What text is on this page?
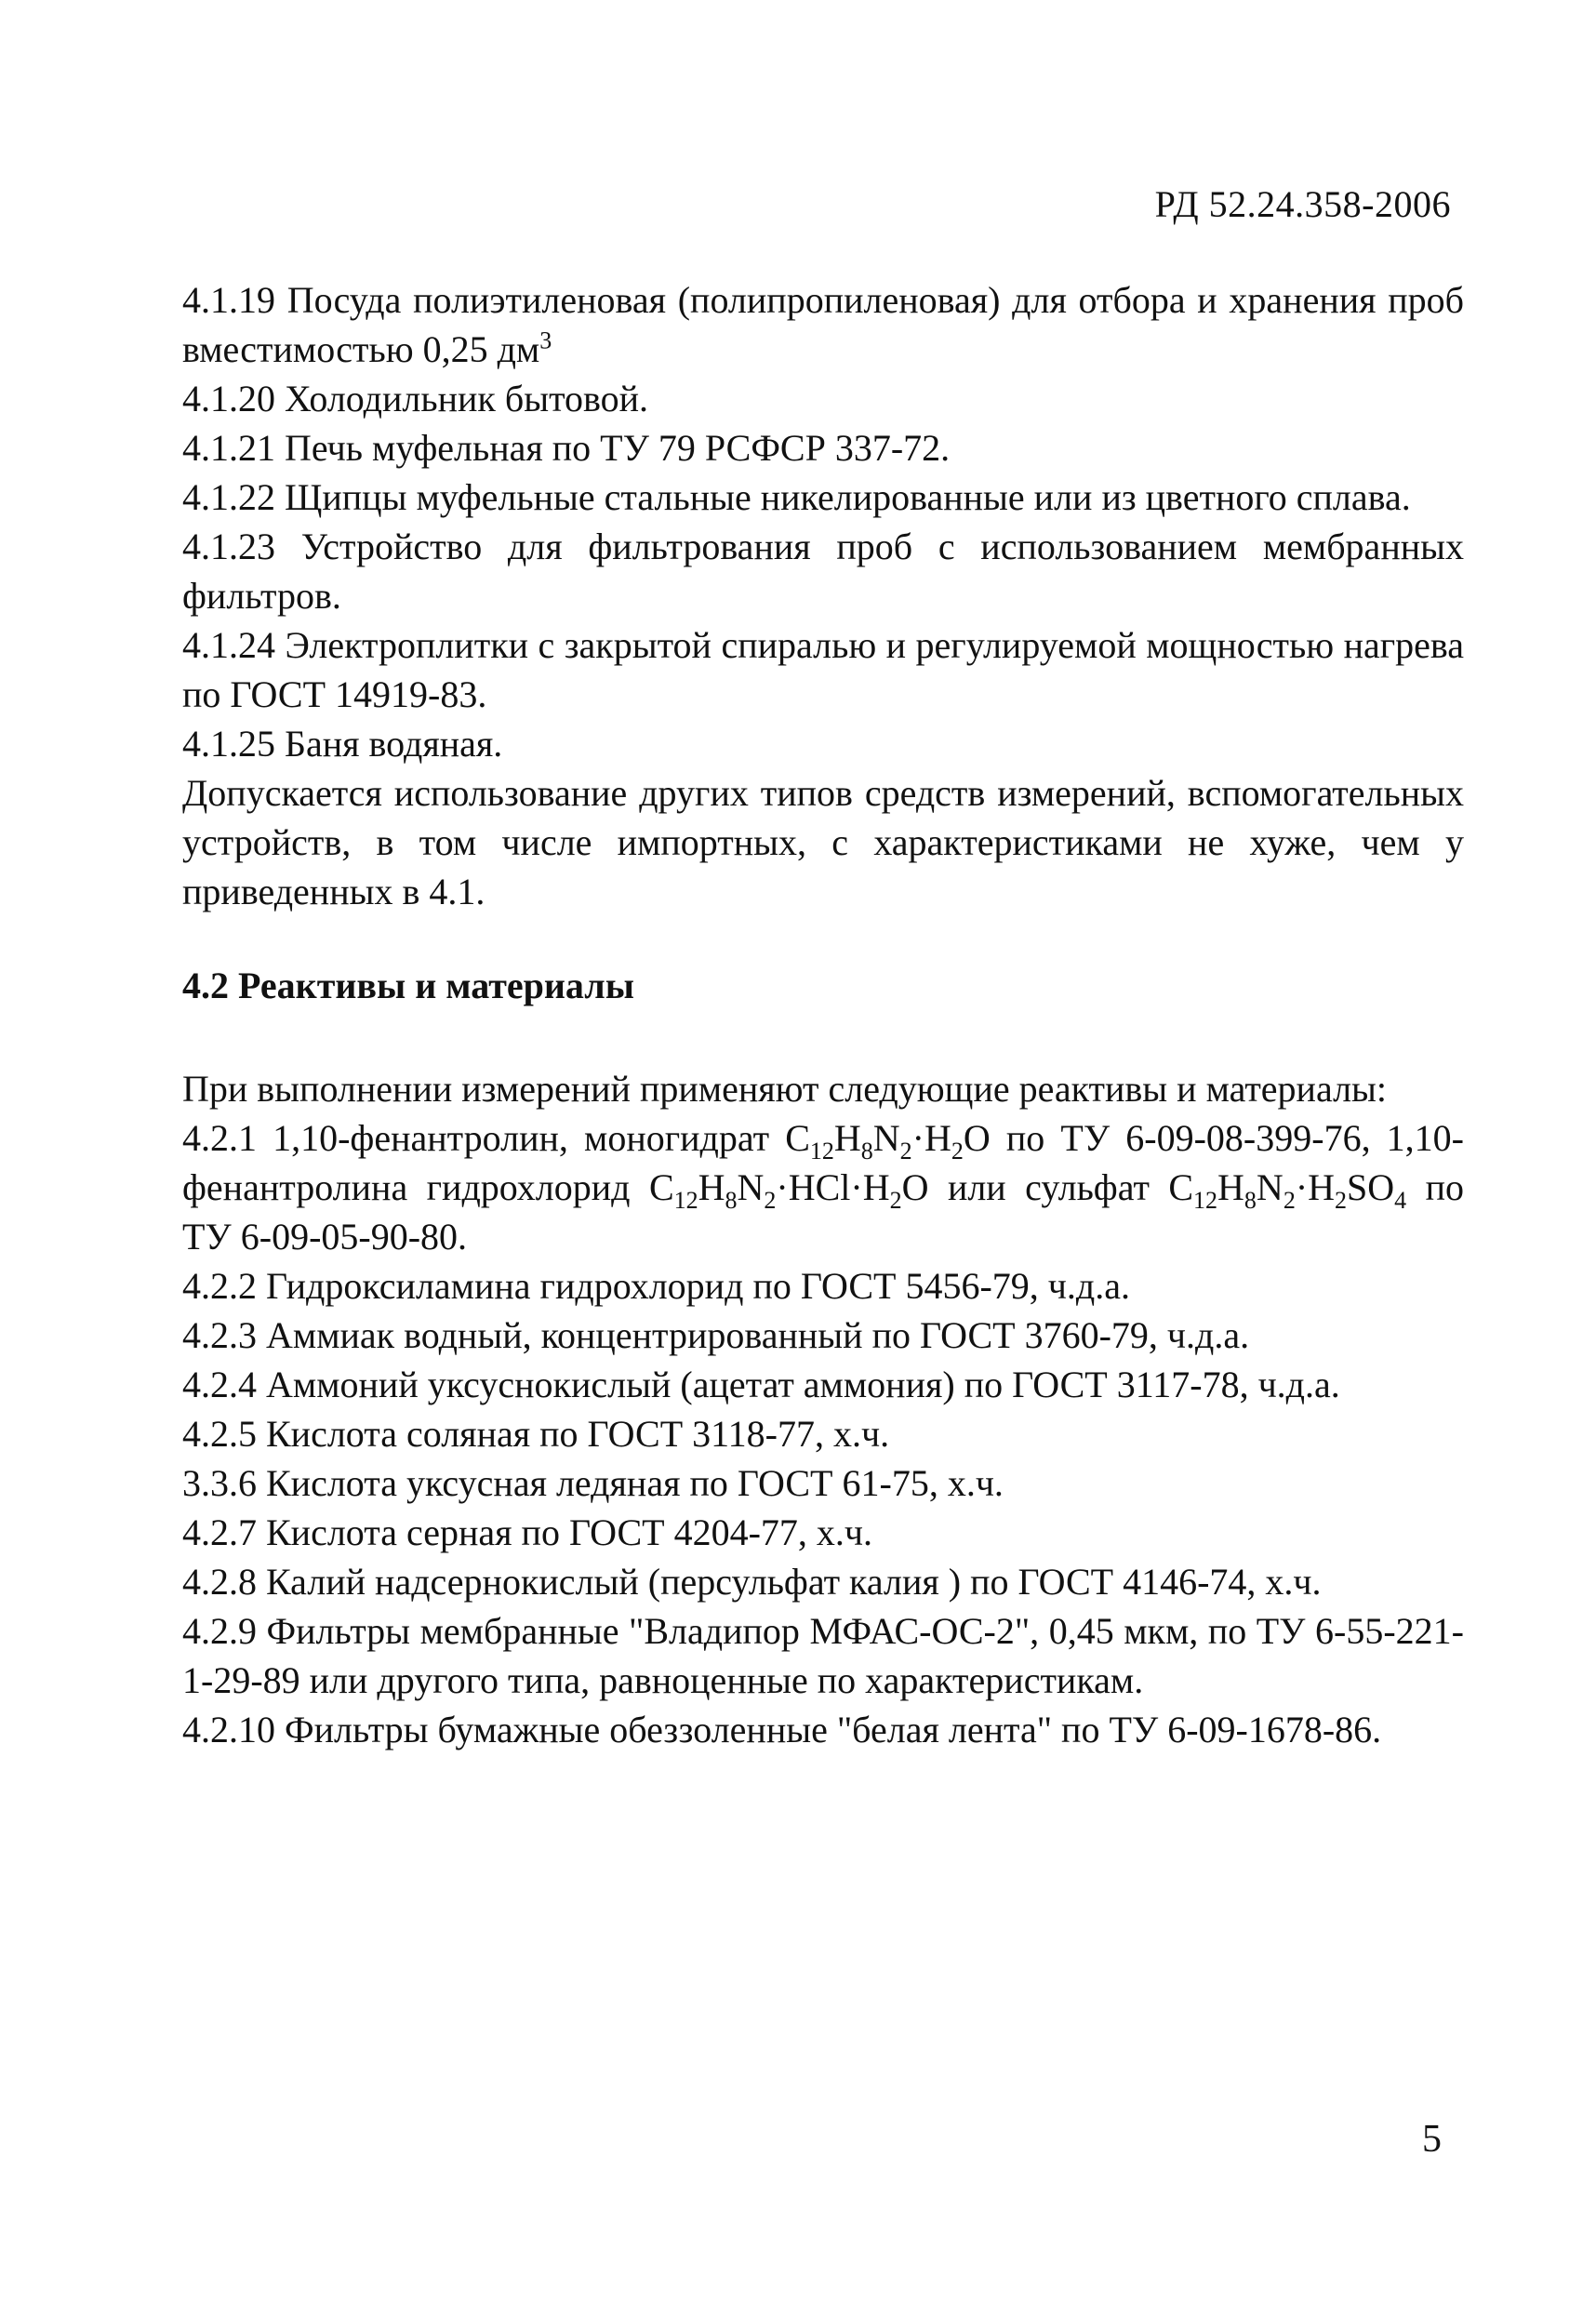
РД 52.24.358-2006

4.1.19 Посуда полиэтиленовая (полипропиленовая) для отбора и хранения проб вместимостью 0,25 $дм^3$

4.1.20 Холодильник бытовой.

4.1.21 Печь муфельная по ТУ 79 РСФСР 337-72.

4.1.22 Щипцы муфельные стальные никелированные или из цветного сплава.

4.1.23 Устройство для фильтрования проб с использованием мембранных фильтров.

4.1.24 Электроплитки с закрытой спиралью и регулируемой мощностью нагрева по ГОСТ 14919-83.

4.1.25 Баня водяная.

Допускается использование других типов средств измерений, вспомогательных устройств, в том числе импортных, с характеристиками не хуже, чем у приведенных в 4.1.

4.2 Реактивы и материалы

При выполнении измерений применяют следующие реактивы и материалы:

4.2.1 1,10-фенантролин, моногидрат $C_{12}H_8N_2\cdot H_2O$ по ТУ 6-09-08-399-76, 1,10-фенантролина гидрохлорид $C_{12}H_8N_2\cdot HCl\cdot H_2O$ или сульфат $C_{12}H_8N_2\cdot H_2SO_4$ по ТУ 6-09-05-90-80.

4.2.2 Гидроксиламина гидрохлорид по ГОСТ 5456-79, ч.д.а.

4.2.3 Аммиак водный, концентрированный по ГОСТ 3760-79, ч.д.а.

4.2.4 Аммоний уксуснокислый (ацетат аммония) по ГОСТ 3117-78, ч.д.а.

4.2.5 Кислота соляная по ГОСТ 3118-77, х.ч.

3.3.6 Кислота уксусная ледяная по ГОСТ 61-75, х.ч.

4.2.7 Кислота серная по ГОСТ 4204-77, х.ч.

4.2.8 Калий надсернокислый (персульфат калия ) по ГОСТ 4146-74, х.ч.

4.2.9 Фильтры мембранные "Владипор МФАС-ОС-2", 0,45 мкм, по ТУ 6-55-221-1-29-89 или другого типа, равноценные по характеристикам.

4.2.10 Фильтры бумажные обеззоленные "белая лента" по ТУ 6-09-1678-86.

5
